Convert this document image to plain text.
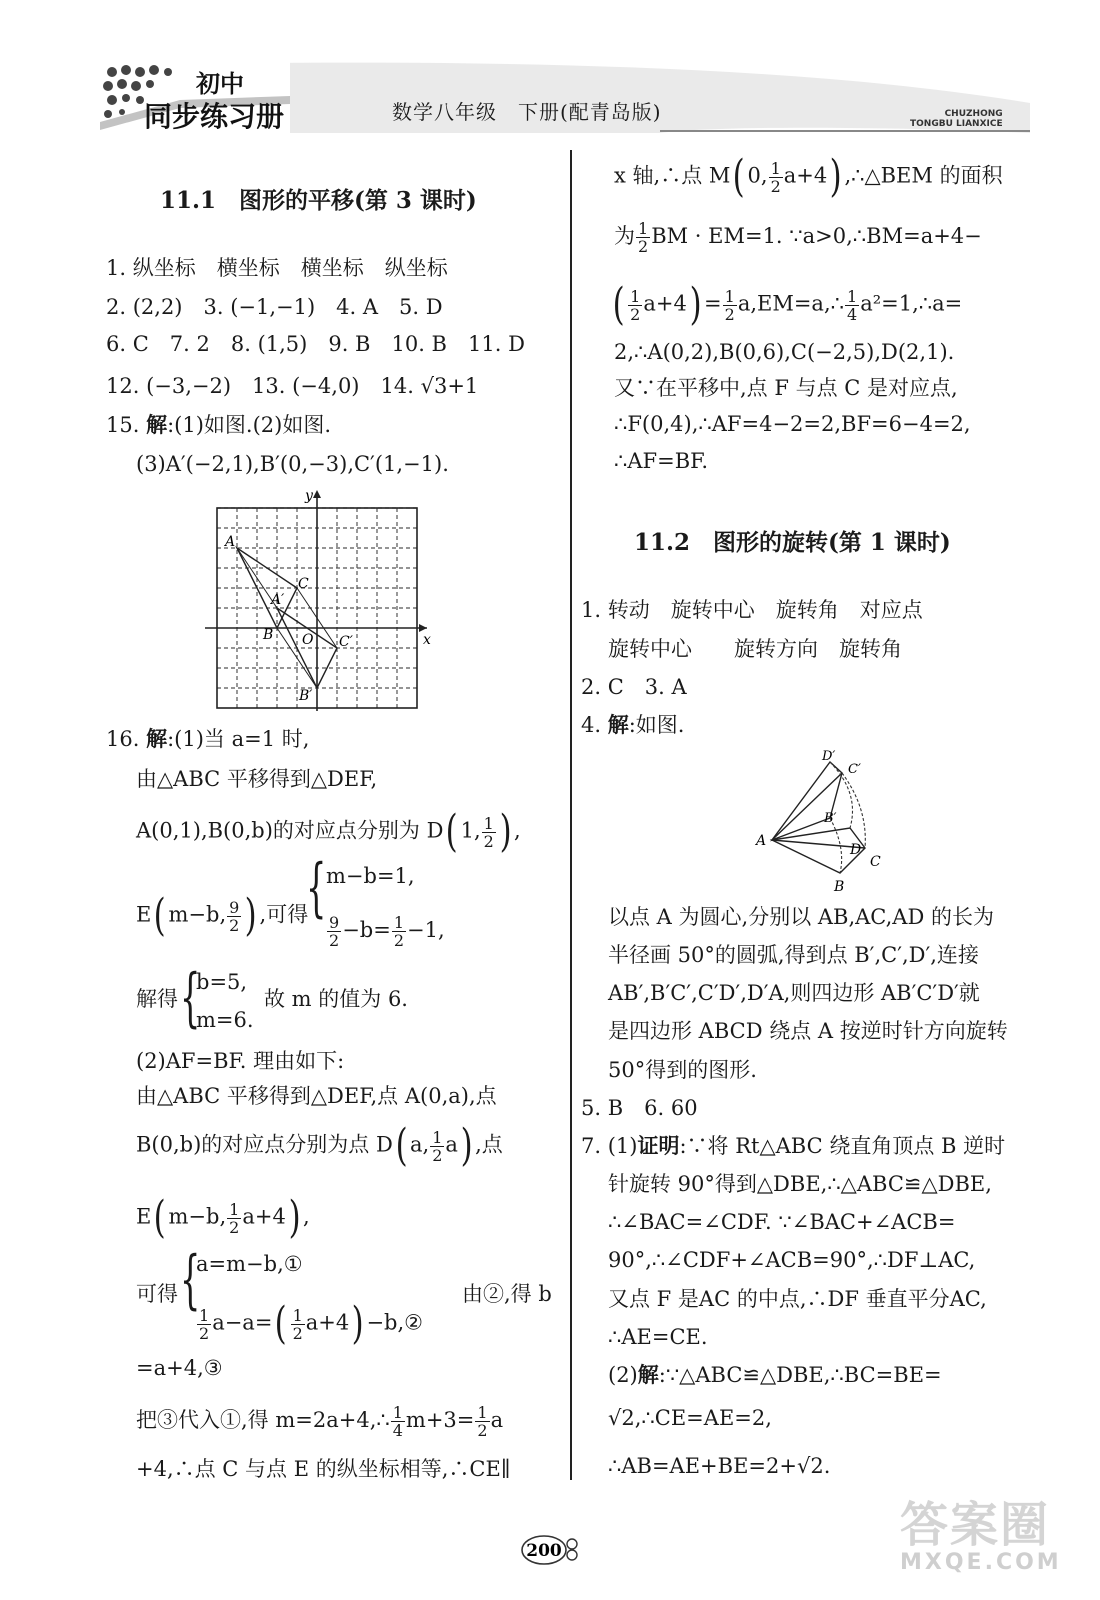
初中
同步练习册	数学八年级　下册(配青岛版)	CHUZHONG
TONGBU LIANXICE
11.1　图形的平移(第 3 课时)
1. 纵坐标　横坐标　横坐标　纵坐标
2. (2,2)　3. (−1,−1)　4. A　5. D
6. C　7. 2　8. (1,5)　9. B　10. B　11. D
12. (−3,−2)　13. (−4,0)　14. √3+1
15. 解:(1)如图.(2)如图.
(3)A′(−2,1),B′(0,−3),C′(1,−1).
y
x
O
A
B
C
A′
B′
C′
16. 解:(1)当 a=1 时,
由△ABC 平移得到△DEF,
A(0,1),B(0,b)的对应点分别为 D( 1, $\frac{1}{2}$ ) ,
E( m−b, $\frac{9}{2}$ ) ,可得
{ m−b=1,
$\frac{9}{2} -b= \frac{1}{2} -1$,
解得 {
b=5,
m=6.
故 m 的值为 6.
(2)AF=BF. 理由如下:
由△ABC 平移得到△DEF,点 A(0,a),点
B(0,b)的对应点分别为点 D( a, $\frac{1}{2} a$) ,点
E( m−b, $\frac{1}{2} a+4$) ,
可得 {
a=m−b,①
$\frac{1}{2} a-a=( \frac{1}{2} a+4)$ −b,②
由②,得 b
=a+4,③
把③代入①,得 m=2a+4,∴ $\frac{1}{4} m+3= \frac{1}{2}$ a
+4,∴点 C 与点 E 的纵坐标相等,∴CE∥
x 轴,∴点 M( 0, $\frac{1}{2} a+4$) ,∴△BEM 的面积
为 $\frac{1}{2}$ BM · EM=1. ∵a>0,∴BM=a+4−
( $\frac{1}{2} a+4) = \frac{1}{2}$ a,EM=a,∴ $\frac{1}{4}$ a²=1,∴a=
2,∴A(0,2),B(0,6),C(−2,5),D(2,1).
又∵在平移中,点 F 与点 C 是对应点,
∴F(0,4),∴AF=4−2=2,BF=6−4=2,
∴AF=BF.
11.2　图形的旋转(第 1 课时)
1. 转动　旋转中心　旋转角　对应点
旋转中心　　旋转方向　旋转角
2. C　3. A
4. 解:如图.
A
B
C
D
B′
C′
D′
以点 A 为圆心,分别以 AB,AC,AD 的长为
半径画 50°的圆弧,得到点 B′,C′,D′,连接
AB′,B′C′,C′D′,D′A,则四边形 AB′C′D′就
是四边形 ABCD 绕点 A 按逆时针方向旋转
50°得到的图形.
5. B　6. 60
7. (1)证明:∵将 Rt△ABC 绕直角顶点 B 逆时
针旋转 90°得到△DBE,∴△ABC≌△DBE,
∴∠BAC=∠CDF. ∵∠BAC+∠ACB=
90°,∴∠CDF+∠ACB=90°,∴DF⊥AC,
又点 F 是AC 的中点,∴DF 垂直平分AC,
∴AE=CE.
(2)解:∵△ABC≌△DBE,∴BC=BE=
√2,∴CE=AE=2,
∴AB=AE+BE=2+√2.
200	答案圈
MXQE.COM
